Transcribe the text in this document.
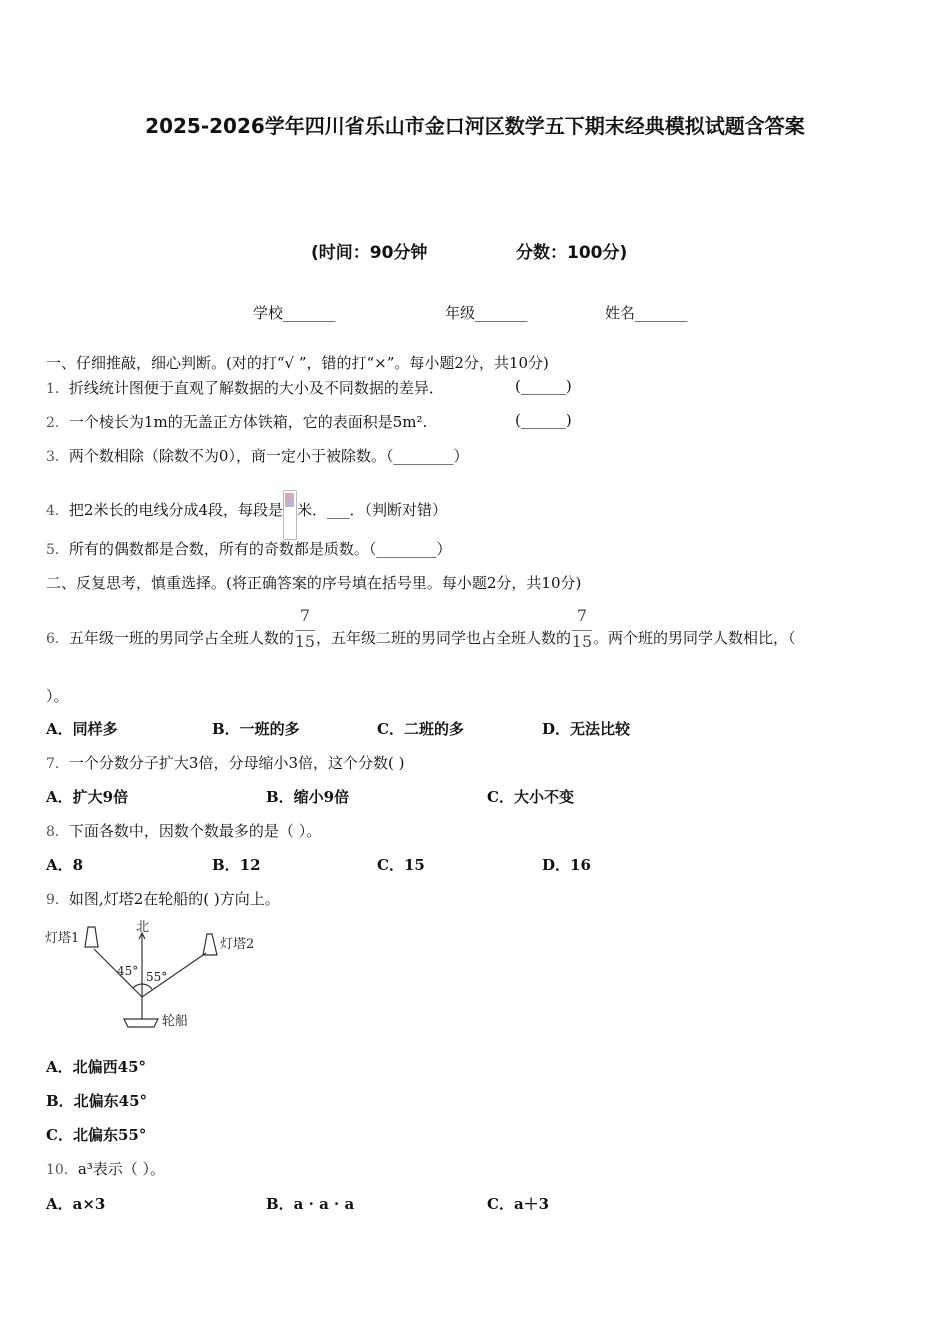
2025-2026学年四川省乐山市金口河区数学五下期末经典模拟试题含答案
(时间：90分钟	分数：100分)
学校_______	年级_______	姓名_______
一、仔细推敲，细心判断。(对的打“√ ”，错的打“×”。每小题2分，共10分)
1．折线统计图便于直观了解数据的大小及不同数据的差异．	(______)
2．一个棱长为1m的无盖正方体铁箱，它的表面积是5m².	(______)
3．两个数相除（除数不为0），商一定小于被除数。（________）
4．把2米长的电线分成4段，每段是 米．___．（判断对错）
5．所有的偶数都是合数，所有的奇数都是质数。（________）
二、反复思考，慎重选择。(将正确答案的序号填在括号里。每小题2分，共10分)
6．五年级一班的男同学占全班人数的 $\frac{7}{15}$ ，五年级二班的男同学也占全班人数的 $\frac{7}{15}$ 。两个班的男同学人数相比，（
）。
A．同样多	B．一班的多	C．二班的多	D．无法比较
7．一个分数分子扩大3倍，分母缩小3倍，这个分数( )
A．扩大9倍	B．缩小9倍	C．大小不变
8．下面各数中，因数个数最多的是（ ）。
A．8	B．12	C．15	D．16
9．如图,灯塔2在轮船的( )方向上。
灯塔1
北
灯塔2
45° 55°
轮船
A．北偏西45°
B．北偏东45°
C．北偏东55°
10．a³表示（ ）。
A．a×3	B．a · a · a	C．a＋3
